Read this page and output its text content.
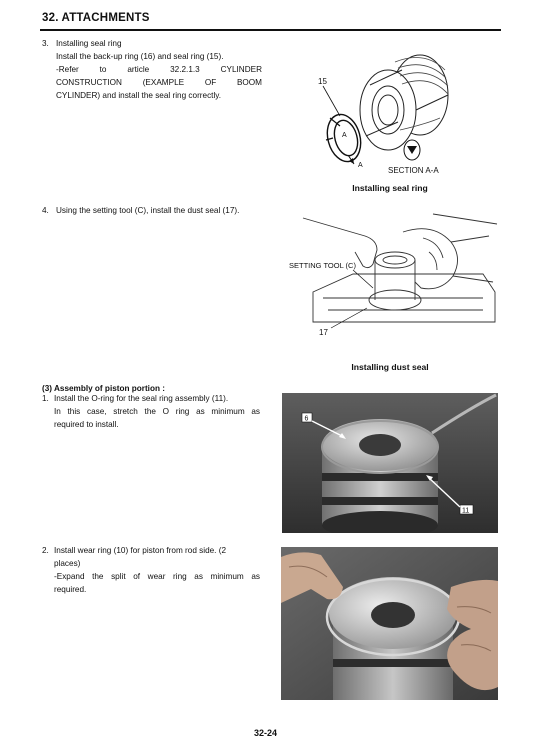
32. ATTACHMENTS
3. Installing seal ring
Install the back-up ring (16) and seal ring (15).
-Refer	to	article	32.2.1.3	CYLINDER
CONSTRUCTION	(EXAMPLE	OF	BOOM
CYLINDER) and install the seal ring correctly.
15
A
A
SECTION A-A
Installing seal ring
4. Using the setting tool (C), install the dust seal (17).
SETTING TOOL (C)
17
Installing dust seal
(3) Assembly of piston portion :
1. Install the O-ring for the seal ring assembly (11).
In this case, stretch the O ring as minimum as
required to install.
6
11
2. Install wear ring (10) for piston from rod side. (2
places)
-Expand the split of wear ring as minimum as
required.
32-24
